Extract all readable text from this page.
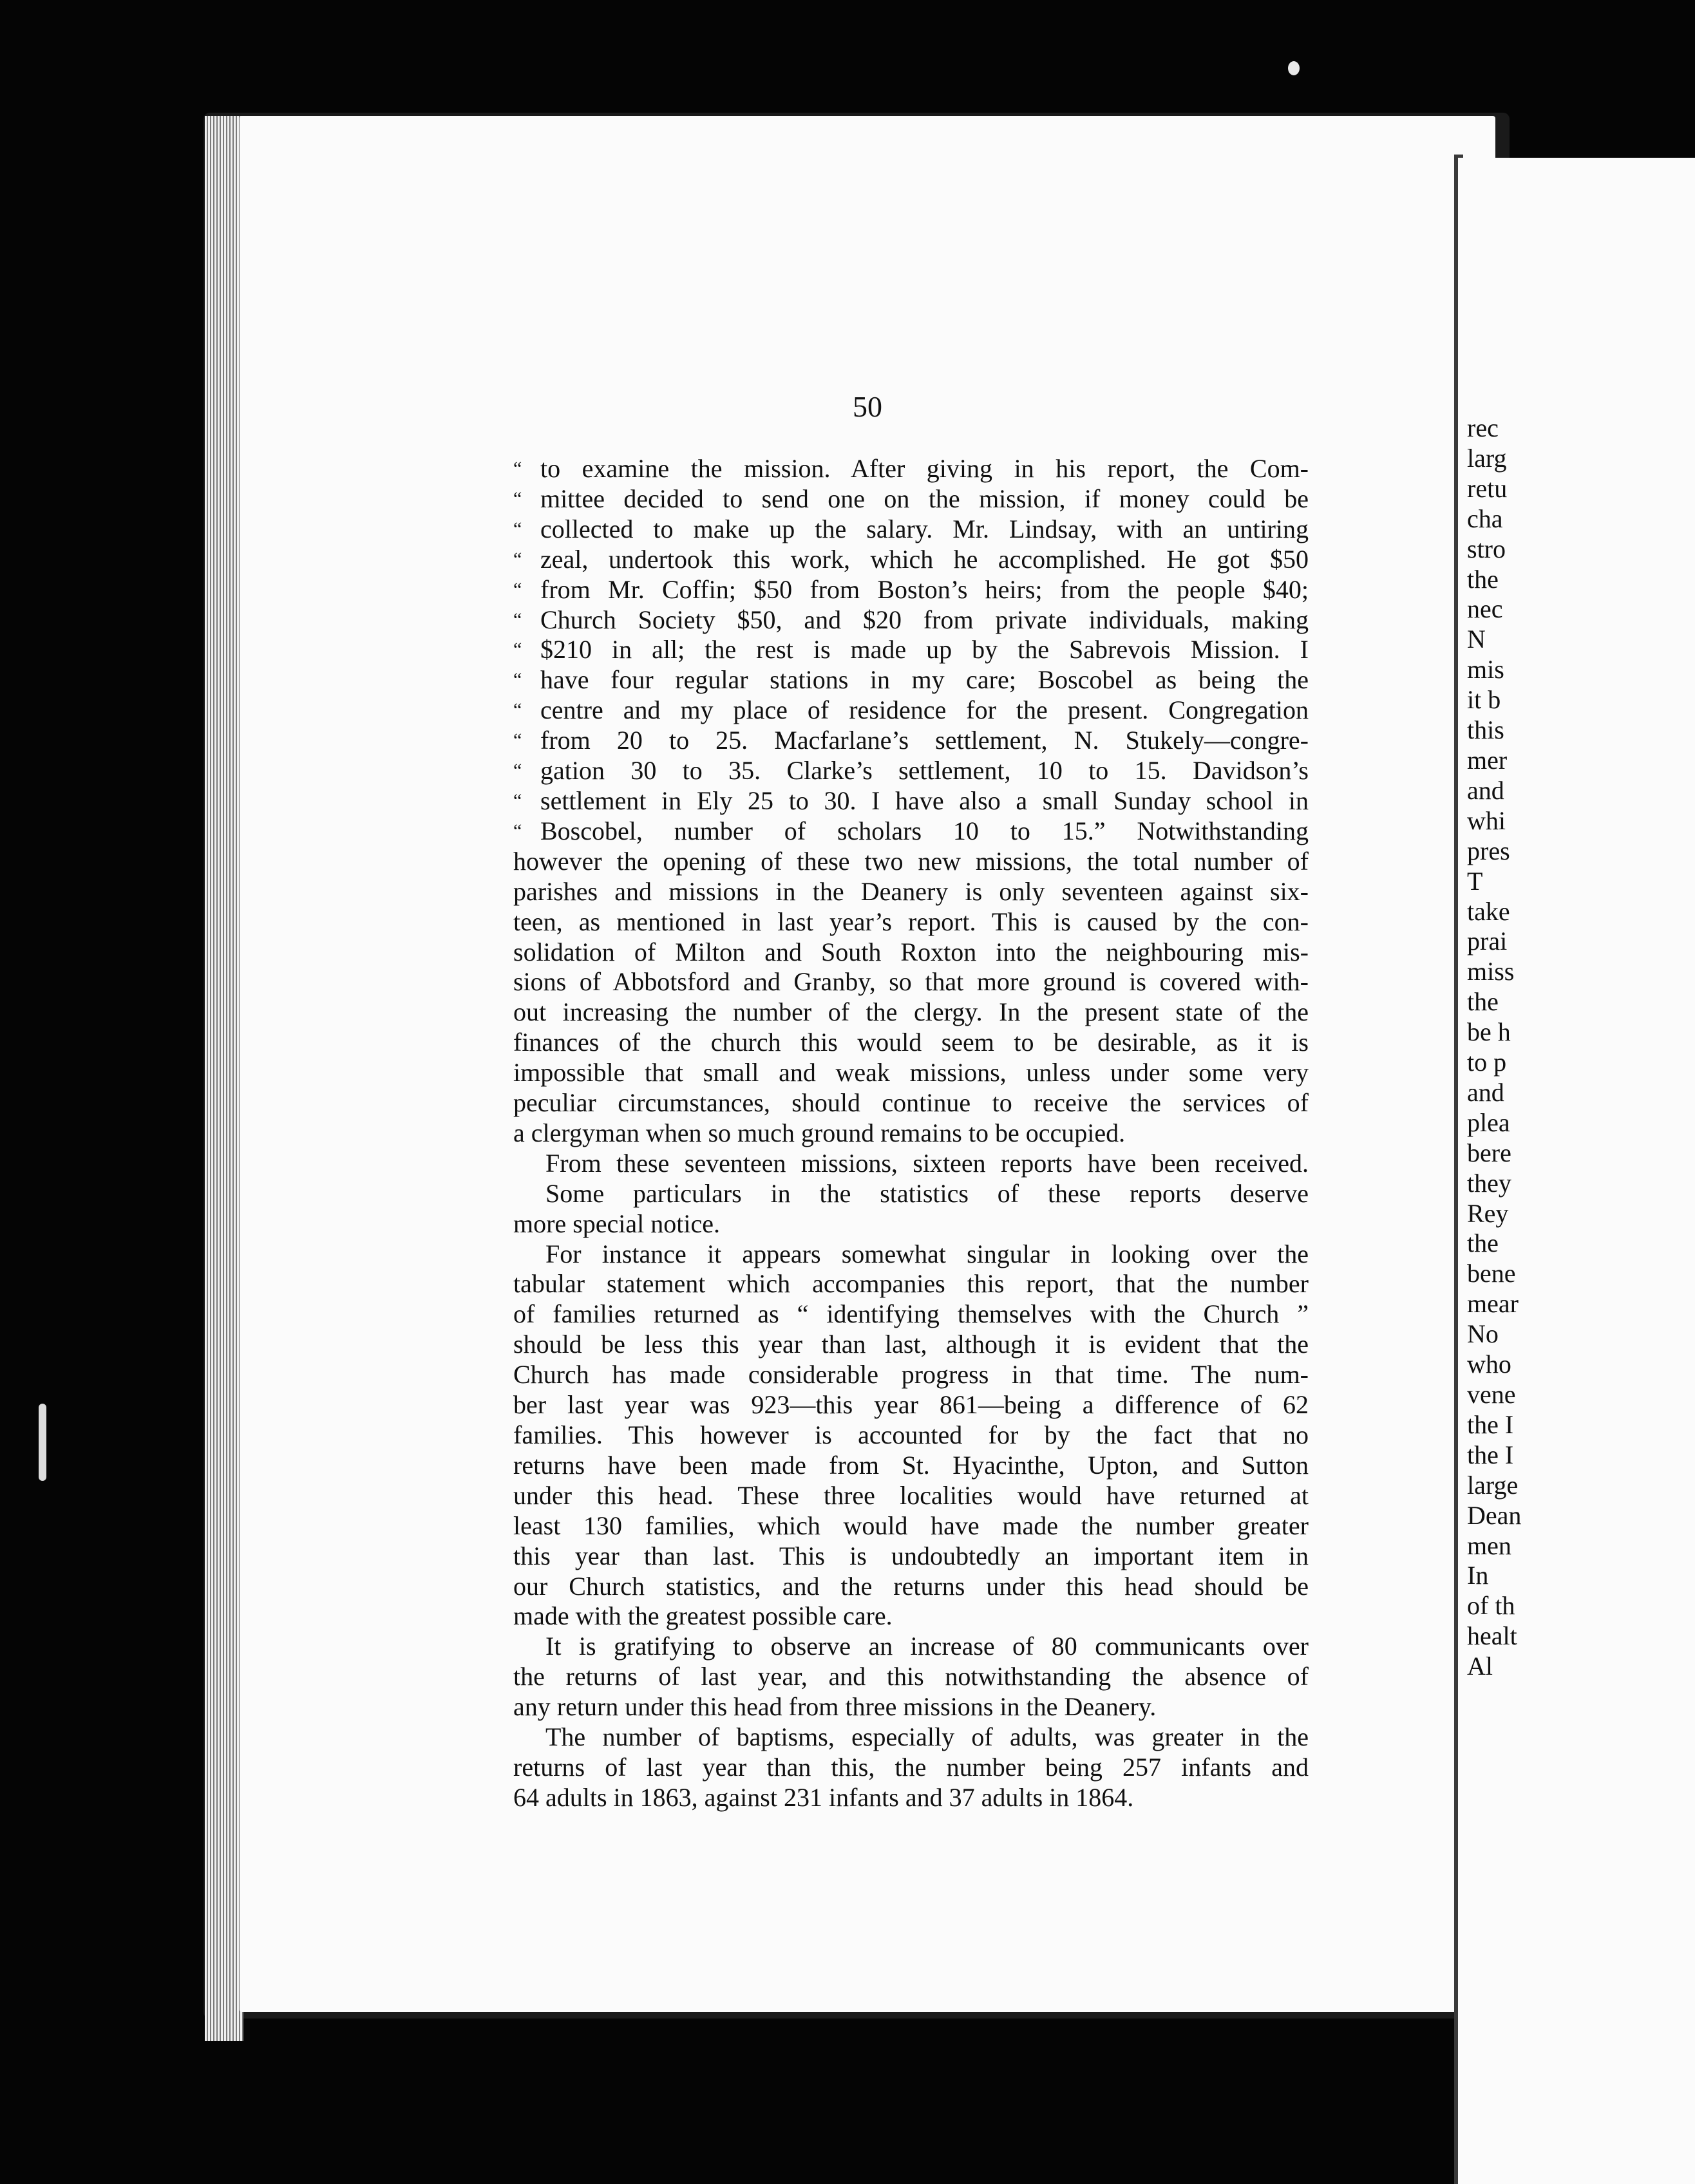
50
“ to examine the mission. After giving in his report, the Com-
“ mittee decided to send one on the mission, if money could be
“ collected to make up the salary. Mr. Lindsay, with an untiring
“ zeal, undertook this work, which he accomplished. He got $50
“ from Mr. Coffin; $50 from Boston’s heirs; from the people $40;
“ Church Society $50, and $20 from private individuals, making
“ $210 in all; the rest is made up by the Sabrevois Mission. I
“ have four regular stations in my care; Boscobel as being the
“ centre and my place of residence for the present. Congregation
“ from 20 to 25. Macfarlane’s settlement, N. Stukely—congre-
“ gation 30 to 35. Clarke’s settlement, 10 to 15. Davidson’s
“ settlement in Ely 25 to 30. I have also a small Sunday school in
“ Boscobel, number of scholars 10 to 15.” Notwithstanding
however the opening of these two new missions, the total number of
parishes and missions in the Deanery is only seventeen against six-
teen, as mentioned in last year’s report. This is caused by the con-
solidation of Milton and South Roxton into the neighbouring mis-
sions of Abbotsford and Granby, so that more ground is covered with-
out increasing the number of the clergy. In the present state of the
finances of the church this would seem to be desirable, as it is
impossible that small and weak missions, unless under some very
peculiar circumstances, should continue to receive the services of
a clergyman when so much ground remains to be occupied.
From these seventeen missions, sixteen reports have been received.
Some particulars in the statistics of these reports deserve
more special notice.
For instance it appears somewhat singular in looking over the
tabular statement which accompanies this report, that the number
of families returned as “ identifying themselves with the Church ”
should be less this year than last, although it is evident that the
Church has made considerable progress in that time. The num-
ber last year was 923—this year 861—being a difference of 62
families. This however is accounted for by the fact that no
returns have been made from St. Hyacinthe, Upton, and Sutton
under this head. These three localities would have returned at
least 130 families, which would have made the number greater
this year than last. This is undoubtedly an important item in
our Church statistics, and the returns under this head should be
made with the greatest possible care.
It is gratifying to observe an increase of 80 communicants over
the returns of last year, and this notwithstanding the absence of
any return under this head from three missions in the Deanery.
The number of baptisms, especially of adults, was greater in the
returns of last year than this, the number being 257 infants and
64 adults in 1863, against 231 infants and 37 adults in 1864.
rec
larg
retu
cha
stro
the
nec
N
mis
it b
this
mer
and
whi
pres
T
take
prai
miss
the
be h
to p
and
plea
bere
they
Rey
the
bene
mear
No
who
vene
the I
the I
large
Dean
men
In
of th
healt
Al
